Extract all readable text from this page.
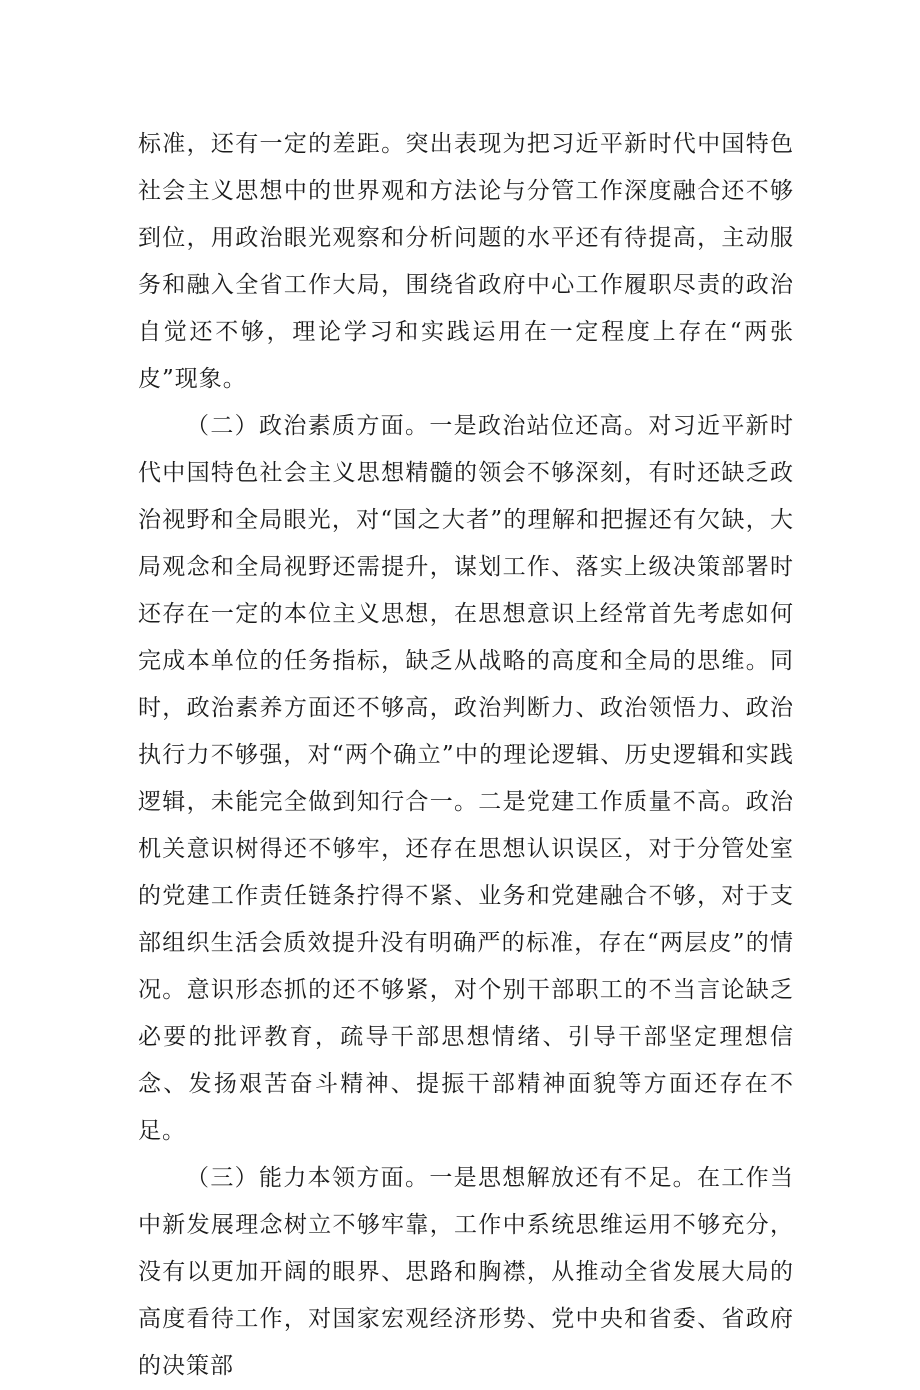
标准，还有一定的差距。突出表现为把习近平新时代中国特色社会主义思想中的世界观和方法论与分管工作深度融合还不够到位，用政治眼光观察和分析问题的水平还有待提高，主动服务和融入全省工作大局，围绕省政府中心工作履职尽责的政治自觉还不够，理论学习和实践运用在一定程度上存在“两张皮”现象。

（二）政治素质方面。一是政治站位还高。对习近平新时代中国特色社会主义思想精髓的领会不够深刻，有时还缺乏政治视野和全局眼光，对“国之大者”的理解和把握还有欠缺，大局观念和全局视野还需提升，谋划工作、落实上级决策部署时还存在一定的本位主义思想，在思想意识上经常首先考虑如何完成本单位的任务指标，缺乏从战略的高度和全局的思维。同时，政治素养方面还不够高，政治判断力、政治领悟力、政治执行力不够强，对“两个确立”中的理论逻辑、历史逻辑和实践逻辑，未能完全做到知行合一。二是党建工作质量不高。政治机关意识树得还不够牢，还存在思想认识误区，对于分管处室的党建工作责任链条拧得不紧、业务和党建融合不够，对于支部组织生活会质效提升没有明确严的标准，存在“两层皮”的情况。意识形态抓的还不够紧，对个别干部职工的不当言论缺乏必要的批评教育，疏导干部思想情绪、引导干部坚定理想信念、发扬艰苦奋斗精神、提振干部精神面貌等方面还存在不足。

（三）能力本领方面。一是思想解放还有不足。在工作当中新发展理念树立不够牢靠，工作中系统思维运用不够充分，没有以更加开阔的眼界、思路和胸襟，从推动全省发展大局的高度看待工作，对国家宏观经济形势、党中央和省委、省政府的决策部
